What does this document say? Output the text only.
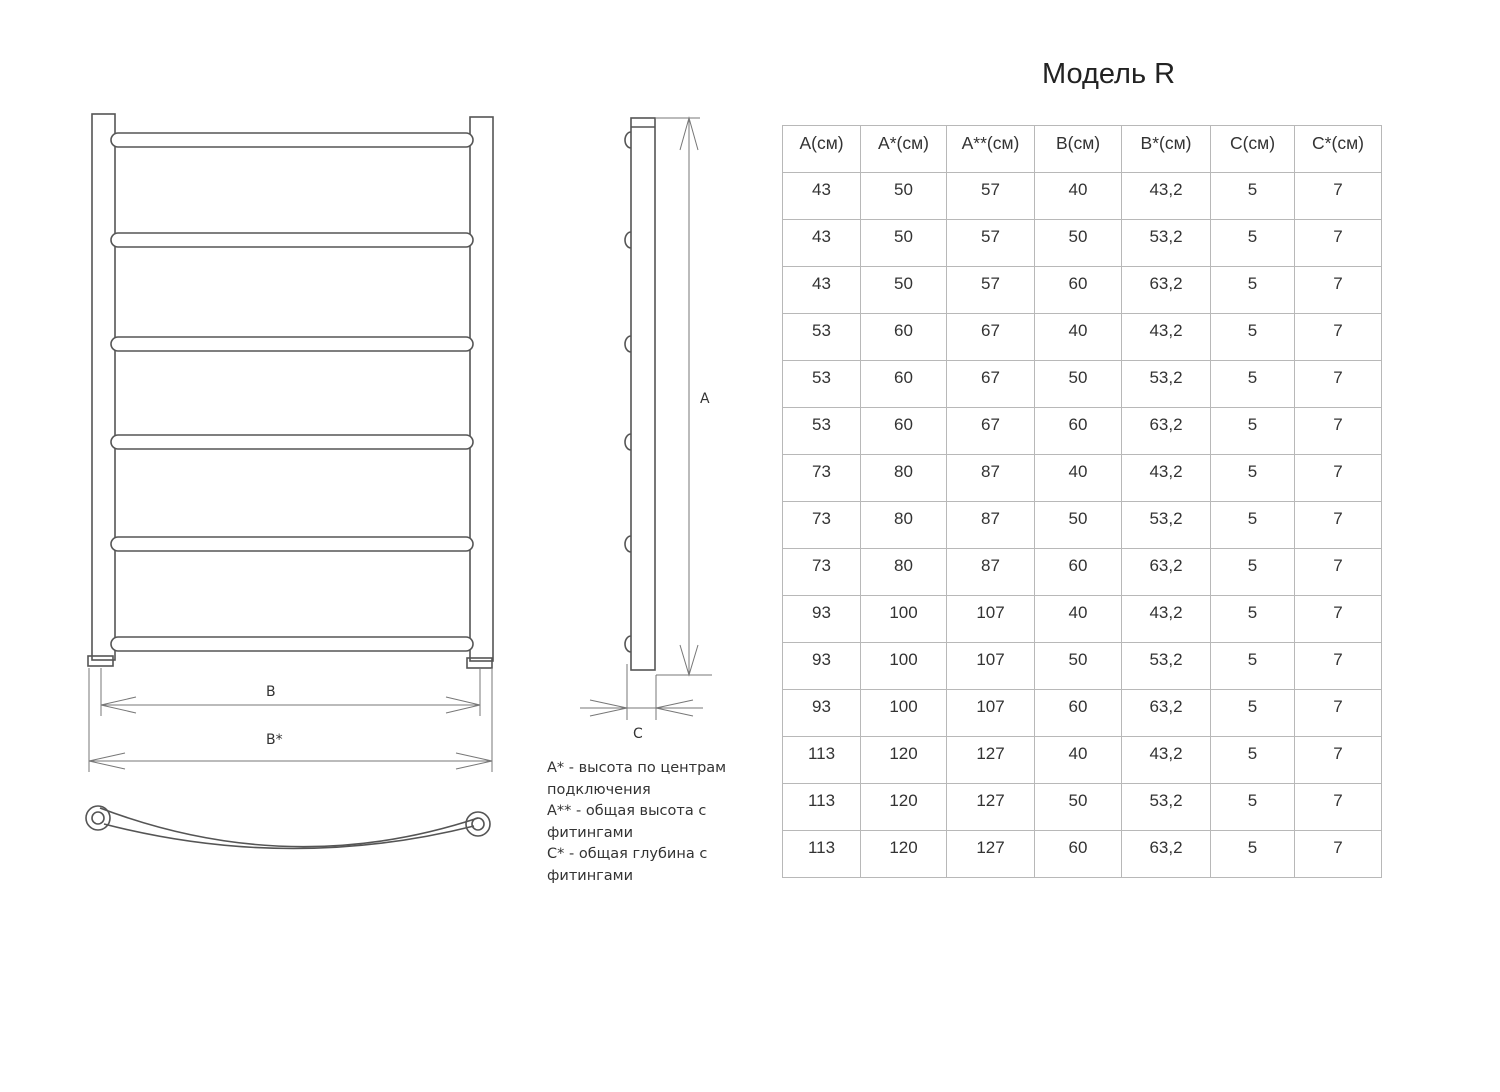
B
B*
A
C
Модель R
A* - высота по центрам
подключения
A** - общая высота с
фитингами
C* - общая глубина с
фитингами
A(см)	A*(см)	A**(см)	B(см)	B*(см)	C(см)	C*(см)
43	50	57	40	43,2	5	7
43	50	57	50	53,2	5	7
43	50	57	60	63,2	5	7
53	60	67	40	43,2	5	7
53	60	67	50	53,2	5	7
53	60	67	60	63,2	5	7
73	80	87	40	43,2	5	7
73	80	87	50	53,2	5	7
73	80	87	60	63,2	5	7
93	100	107	40	43,2	5	7
93	100	107	50	53,2	5	7
93	100	107	60	63,2	5	7
113	120	127	40	43,2	5	7
113	120	127	50	53,2	5	7
113	120	127	60	63,2	5	7
